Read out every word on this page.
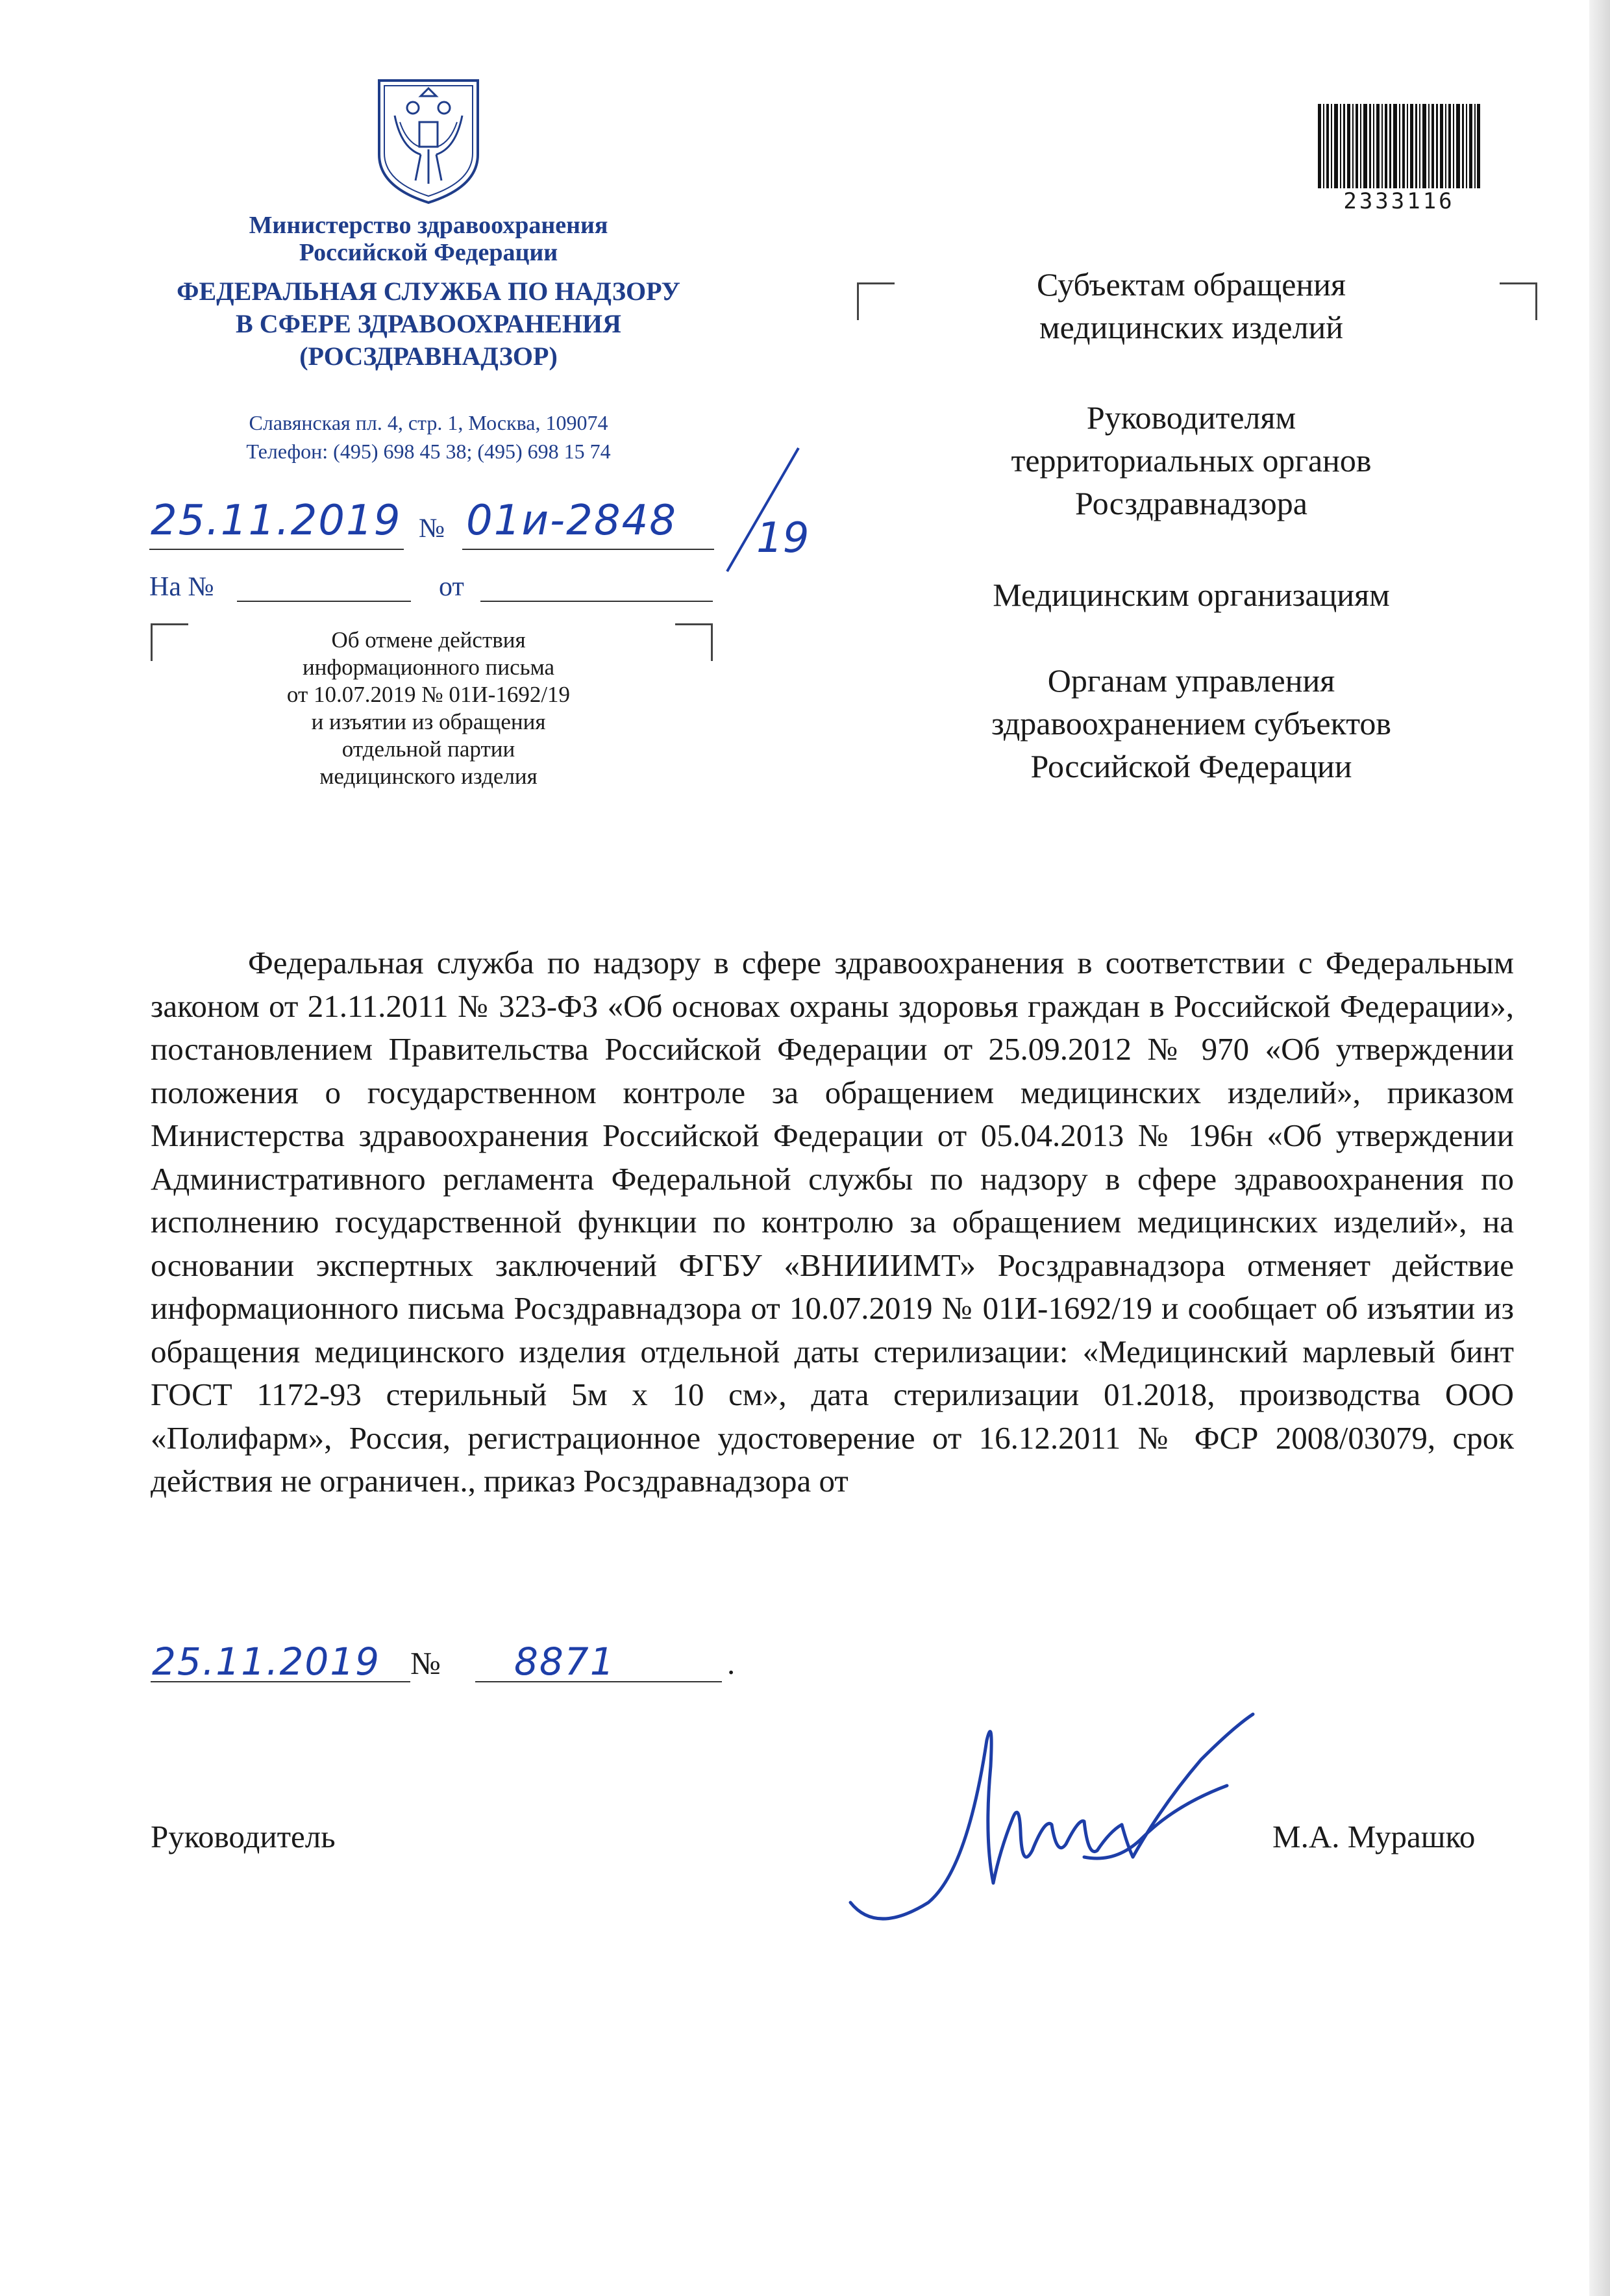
Министерство здравоохранения
Российской Федерации
ФЕДЕРАЛЬНАЯ СЛУЖБА ПО НАДЗОРУ
В СФЕРЕ ЗДРАВООХРАНЕНИЯ
(РОСЗДРАВНАДЗОР)
Славянская пл. 4, стр. 1, Москва, 109074
Телефон: (495) 698 45 38; (495) 698 15 74
25.11.2019 № 01и-2848 19
На №	от
Об отмене действия
информационного письма
от 10.07.2019 № 01И-1692/19
и изъятии из обращения
отдельной партии
медицинского изделия
2333116
Субъектам обращения
медицинских изделий
Руководителям
территориальных органов
Росздравнадзора
Медицинским организациям
Органам управления
здравоохранением субъектов
Российской Федерации
Федеральная служба по надзору в сфере здравоохранения в соответствии с Федеральным законом от 21.11.2011 № 323-ФЗ «Об основах охраны здоровья граждан в Российской Федерации», постановлением Правительства Российской Федерации от 25.09.2012 № 970 «Об утверждении положения о государственном контроле за обращением медицинских изделий», приказом Министерства здравоохранения Российской Федерации от 05.04.2013 № 196н «Об утверждении Административного регламента Федеральной службы по надзору в сфере здравоохранения по исполнению государственной функции по контролю за обращением медицинских изделий», на основании экспертных заключений ФГБУ «ВНИИИМТ» Росздравнадзора отменяет действие информационного письма Росздравнадзора от 10.07.2019 № 01И-1692/19 и сообщает об изъятии из обращения медицинского изделия отдельной даты стерилизации: «Медицинский марлевый бинт ГОСТ 1172-93 стерильный 5м х 10 см», дата стерилизации 01.2018, производства ООО «Полифарм», Россия, регистрационное удостоверение от 16.12.2011 № ФСР 2008/03079, срок действия не ограничен., приказ Росздравнадзора от
25.11.2019 № 8871	.
Руководитель	М.А. Мурашко
